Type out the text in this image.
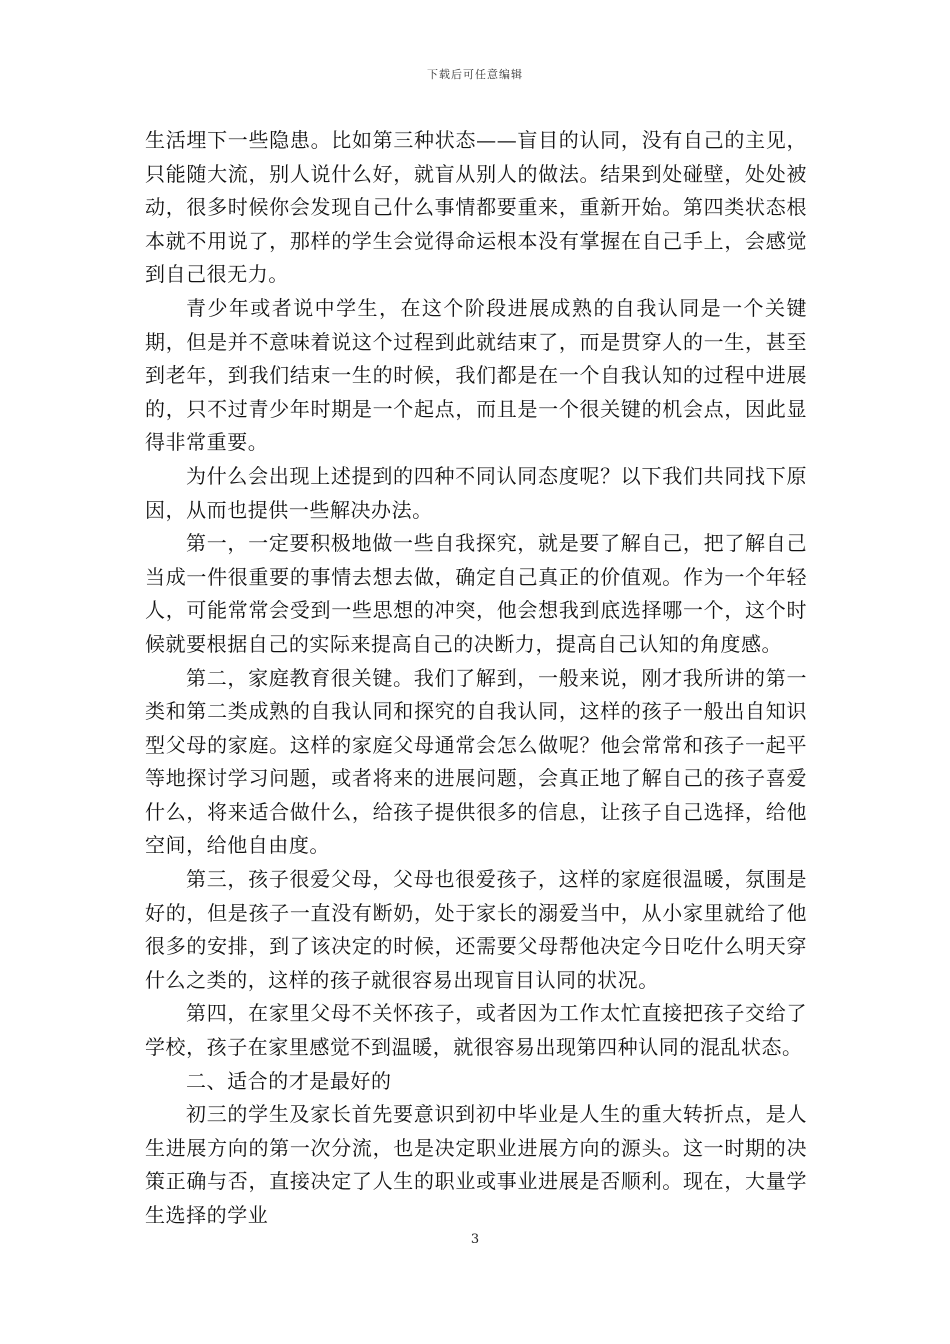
下载后可任意编辑

生活埋下一些隐患。比如第三种状态——盲目的认同，没有自己的主见，只能随大流，别人说什么好，就盲从别人的做法。结果到处碰壁，处处被动，很多时候你会发现自己什么事情都要重来，重新开始。第四类状态根本就不用说了，那样的学生会觉得命运根本没有掌握在自己手上，会感觉到自己很无力。

青少年或者说中学生，在这个阶段进展成熟的自我认同是一个关键期，但是并不意味着说这个过程到此就结束了，而是贯穿人的一生，甚至到老年，到我们结束一生的时候，我们都是在一个自我认知的过程中进展的，只不过青少年时期是一个起点，而且是一个很关键的机会点，因此显得非常重要。

为什么会出现上述提到的四种不同认同态度呢？以下我们共同找下原因，从而也提供一些解决办法。

第一，一定要积极地做一些自我探究，就是要了解自己，把了解自己当成一件很重要的事情去想去做，确定自己真正的价值观。作为一个年轻人，可能常常会受到一些思想的冲突，他会想我到底选择哪一个，这个时候就要根据自己的实际来提高自己的决断力，提高自己认知的角度感。

第二，家庭教育很关键。我们了解到，一般来说，刚才我所讲的第一类和第二类成熟的自我认同和探究的自我认同，这样的孩子一般出自知识型父母的家庭。这样的家庭父母通常会怎么做呢？他会常常和孩子一起平等地探讨学习问题，或者将来的进展问题，会真正地了解自己的孩子喜爱什么，将来适合做什么，给孩子提供很多的信息，让孩子自己选择，给他空间，给他自由度。

第三，孩子很爱父母，父母也很爱孩子，这样的家庭很温暖，氛围是好的，但是孩子一直没有断奶，处于家长的溺爱当中，从小家里就给了他很多的安排，到了该决定的时候，还需要父母帮他决定今日吃什么明天穿什么之类的，这样的孩子就很容易出现盲目认同的状况。

第四，在家里父母不关怀孩子，或者因为工作太忙直接把孩子交给了学校，孩子在家里感觉不到温暖，就很容易出现第四种认同的混乱状态。

二、适合的才是最好的

初三的学生及家长首先要意识到初中毕业是人生的重大转折点，是人生进展方向的第一次分流，也是决定职业进展方向的源头。这一时期的决策正确与否，直接决定了人生的职业或事业进展是否顺利。现在，大量学生选择的学业

3
